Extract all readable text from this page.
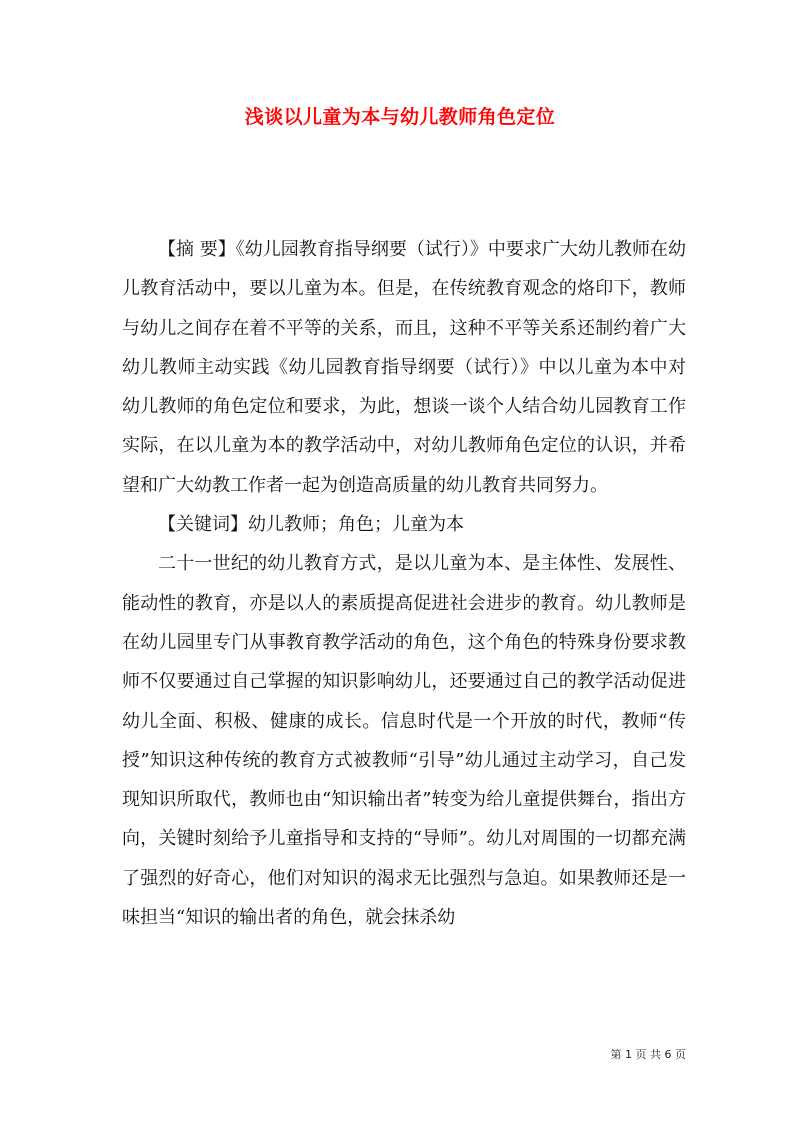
浅谈以儿童为本与幼儿教师角色定位

【摘 要】《幼儿园教育指导纲要（试行）》中要求广大幼儿教师在幼儿教育活动中，要以儿童为本。但是，在传统教育观念的烙印下，教师与幼儿之间存在着不平等的关系，而且，这种不平等关系还制约着广大幼儿教师主动实践《幼儿园教育指导纲要（试行）》中以儿童为本中对幼儿教师的角色定位和要求，为此，想谈一谈个人结合幼儿园教育工作实际，在以儿童为本的教学活动中，对幼儿教师角色定位的认识，并希望和广大幼教工作者一起为创造高质量的幼儿教育共同努力。

【关键词】幼儿教师；角色；儿童为本

二十一世纪的幼儿教育方式，是以儿童为本、是主体性、发展性、能动性的教育，亦是以人的素质提高促进社会进步的教育。幼儿教师是在幼儿园里专门从事教育教学活动的角色，这个角色的特殊身份要求教师不仅要通过自己掌握的知识影响幼儿，还要通过自己的教学活动促进幼儿全面、积极、健康的成长。信息时代是一个开放的时代，教师“传授”知识这种传统的教育方式被教师“引导”幼儿通过主动学习，自己发现知识所取代，教师也由“知识输出者”转变为给儿童提供舞台，指出方向，关键时刻给予儿童指导和支持的“导师”。幼儿对周围的一切都充满了强烈的好奇心，他们对知识的渴求无比强烈与急迫。如果教师还是一味担当“知识的输出者的角色，就会抹杀幼

第 1 页 共 6 页
